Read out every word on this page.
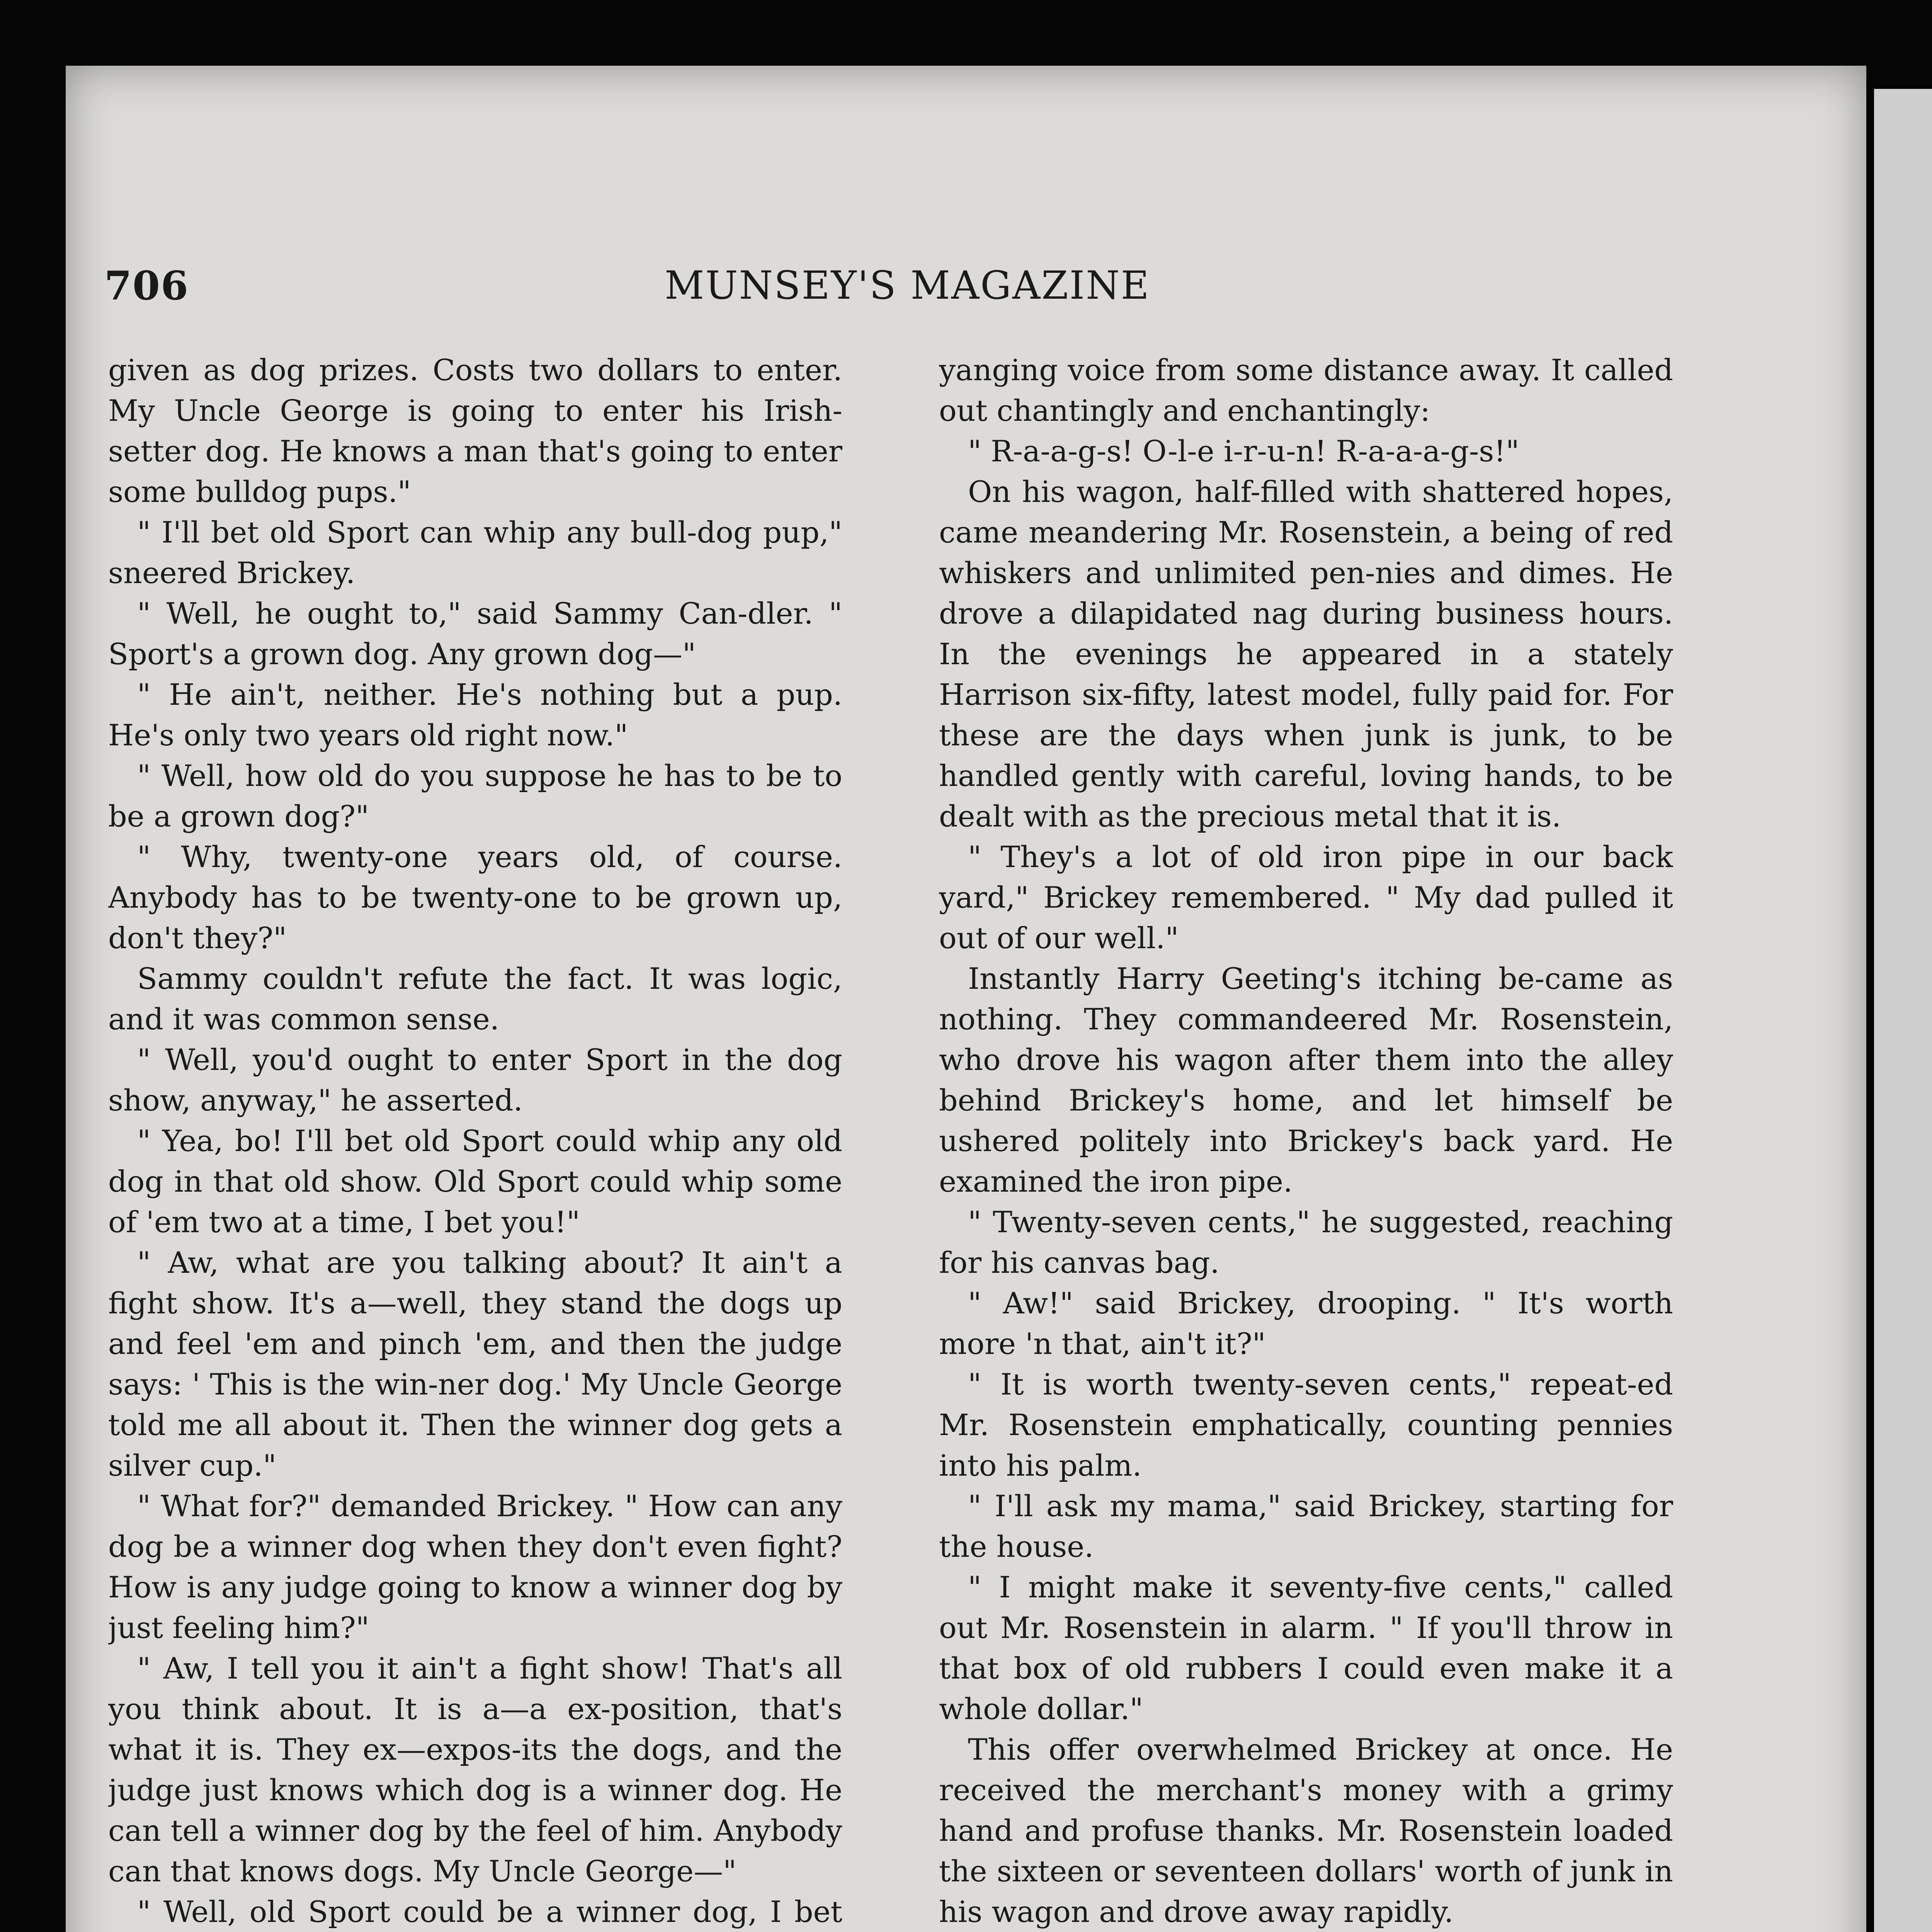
706	MUNSEY'S MAGAZINE

given as dog prizes. Costs two dollars to enter. My Uncle George is going to enter his Irish-setter dog. He knows a man that's going to enter some bulldog pups."

" I'll bet old Sport can whip any bull-dog pup," sneered Brickey.

" Well, he ought to," said Sammy Can-dler. " Sport's a grown dog. Any grown dog—"

" He ain't, neither. He's nothing but a pup. He's only two years old right now."

" Well, how old do you suppose he has to be to be a grown dog?"

" Why, twenty-one years old, of course. Anybody has to be twenty-one to be grown up, don't they?"

Sammy couldn't refute the fact. It was logic, and it was common sense.

" Well, you'd ought to enter Sport in the dog show, anyway," he asserted.

" Yea, bo! I'll bet old Sport could whip any old dog in that old show. Old Sport could whip some of 'em two at a time, I bet you!"

" Aw, what are you talking about? It ain't a fight show. It's a—well, they stand the dogs up and feel 'em and pinch 'em, and then the judge says: ' This is the win-ner dog.' My Uncle George told me all about it. Then the winner dog gets a silver cup."

" What for?" demanded Brickey. " How can any dog be a winner dog when they don't even fight? How is any judge going to know a winner dog by just feeling him?"

" Aw, I tell you it ain't a fight show! That's all you think about. It is a—a ex-position, that's what it is. They ex—expos-its the dogs, and the judge just knows which dog is a winner dog. He can tell a winner dog by the feel of him. Anybody can that knows dogs. My Uncle George—"

" Well, old Sport could be a winner dog, I bet

yanging voice from some distance away. It called out chantingly and enchantingly:

" R-a-a-g-s! O-l-e i-r-u-n! R-a-a-a-g-s!"

On his wagon, half-filled with shattered hopes, came meandering Mr. Rosenstein, a being of red whiskers and unlimited pen-nies and dimes. He drove a dilapidated nag during business hours. In the evenings he appeared in a stately Harrison six-fifty, latest model, fully paid for. For these are the days when junk is junk, to be handled gently with careful, loving hands, to be dealt with as the precious metal that it is.

" They's a lot of old iron pipe in our back yard," Brickey remembered. " My dad pulled it out of our well."

Instantly Harry Geeting's itching be-came as nothing. They commandeered Mr. Rosenstein, who drove his wagon after them into the alley behind Brickey's home, and let himself be ushered politely into Brickey's back yard. He examined the iron pipe.

" Twenty-seven cents," he suggested, reaching for his canvas bag.

" Aw!" said Brickey, drooping. " It's worth more 'n that, ain't it?"

" It is worth twenty-seven cents," repeat-ed Mr. Rosenstein emphatically, counting pennies into his palm.

" I'll ask my mama," said Brickey, starting for the house.

" I might make it seventy-five cents," called out Mr. Rosenstein in alarm. " If you'll throw in that box of old rubbers I could even make it a whole dollar."

This offer overwhelmed Brickey at once. He received the merchant's money with a grimy hand and profuse thanks. Mr. Rosenstein loaded the sixteen or seventeen dollars' worth of junk in his wagon and drove away rapidly.
